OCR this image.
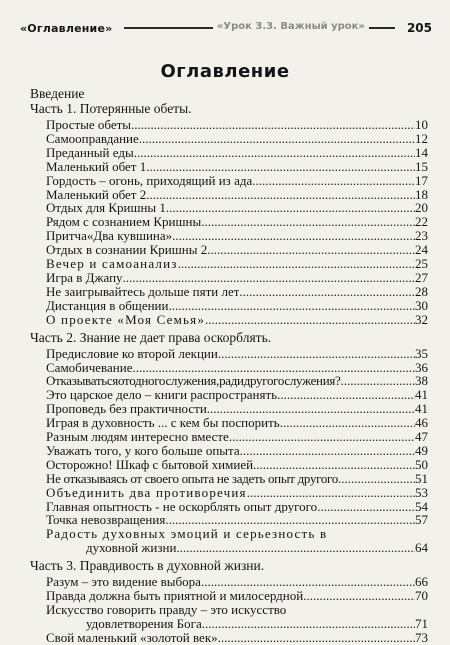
«Оглавление»	«Урок 3.3. Важный урок»	205
Оглавление
Введение
Часть 1. Потерянные обеты.
Простые обеты .....	10
Самооправдание .....	12
Преданный еды .....	14
Маленький обет 1 .....	15
Гордость – огонь, приходящий из ада .....	17
Маленький обет 2 .....	18
Отдых для Кришны 1 .....	20
Рядом с сознанием Кришны .....	22
Притча«Два кувшина» .....	23
Отдых в сознании Кришны 2 .....	24
Вечер и самоанализ .....	25
Игра в Джапу .....	27
Не заигрывайтесь дольше пяти лет .....	28
Дистанция в общении .....	30
О проекте «Моя Семья» .....	32
Часть 2. Знание не дает права оскорблять.
Предисловие ко второй лекции .....	35
Самобичевание .....	36
Отказыватьсяотодногослужения,радидругогослужения? .....	38
Это царское дело – книги распространять .....	41
Проповедь без практичности .....	41
Играя в духовность ... с кем бы поспорить .....	46
Разным людям интересно вместе .....	47
Уважать того, у кого больше опыта .....	49
Осторожно! Шкаф с бытовой химией .....	50
Не отказываясь от своего опыта не задеть опыт другого .....	51
Объединить два противоречия .....	53
Главная опытность - не оскорблять опыт другого .....	54
Точка невозвращения .....	57
Радость духовных эмоций и серьезность в
духовной жизни .....	64
Часть 3. Правдивость в духовной жизни.
Разум – это видение выбора .....	66
Правда должна быть приятной и милосердной .....	70
Искусство говорить правду – это искусство
удовлетворения Бога .....	71
Свой маленький «золотой век» .....	73
